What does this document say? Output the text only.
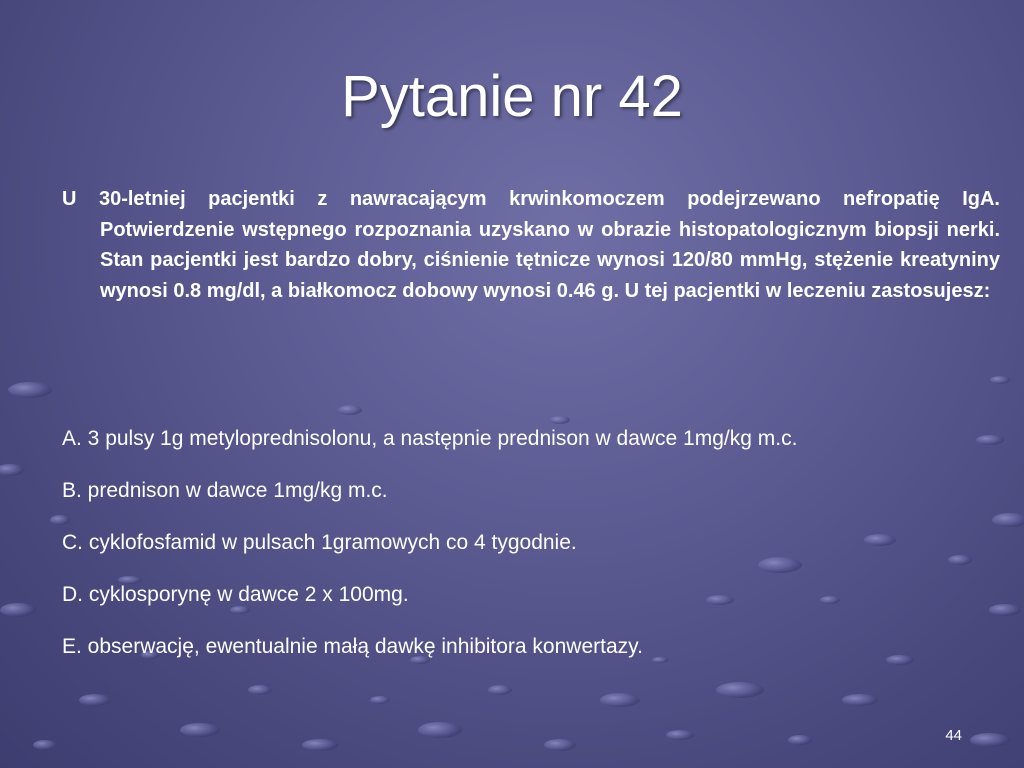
Pytanie nr 42

U 30-letniej pacjentki z nawracającym krwinkomoczem podejrzewano nefropatię IgA. Potwierdzenie wstępnego rozpoznania uzyskano w obrazie histopatologicznym biopsji nerki. Stan pacjentki jest bardzo dobry, ciśnienie tętnicze wynosi 120/80 mmHg, stężenie kreatyniny wynosi 0.8 mg/dl, a białkomocz dobowy wynosi 0.46 g. U tej pacjentki w leczeniu zastosujesz:

A. 3 pulsy 1g metyloprednisolonu, a następnie prednison w dawce 1mg/kg m.c.
B. prednison w dawce 1mg/kg m.c.
C. cyklofosfamid w pulsach 1gramowych co 4 tygodnie.
D. cyklosporynę w dawce 2 x 100mg.
E. obserwację, ewentualnie małą dawkę inhibitora konwertazy.
44
